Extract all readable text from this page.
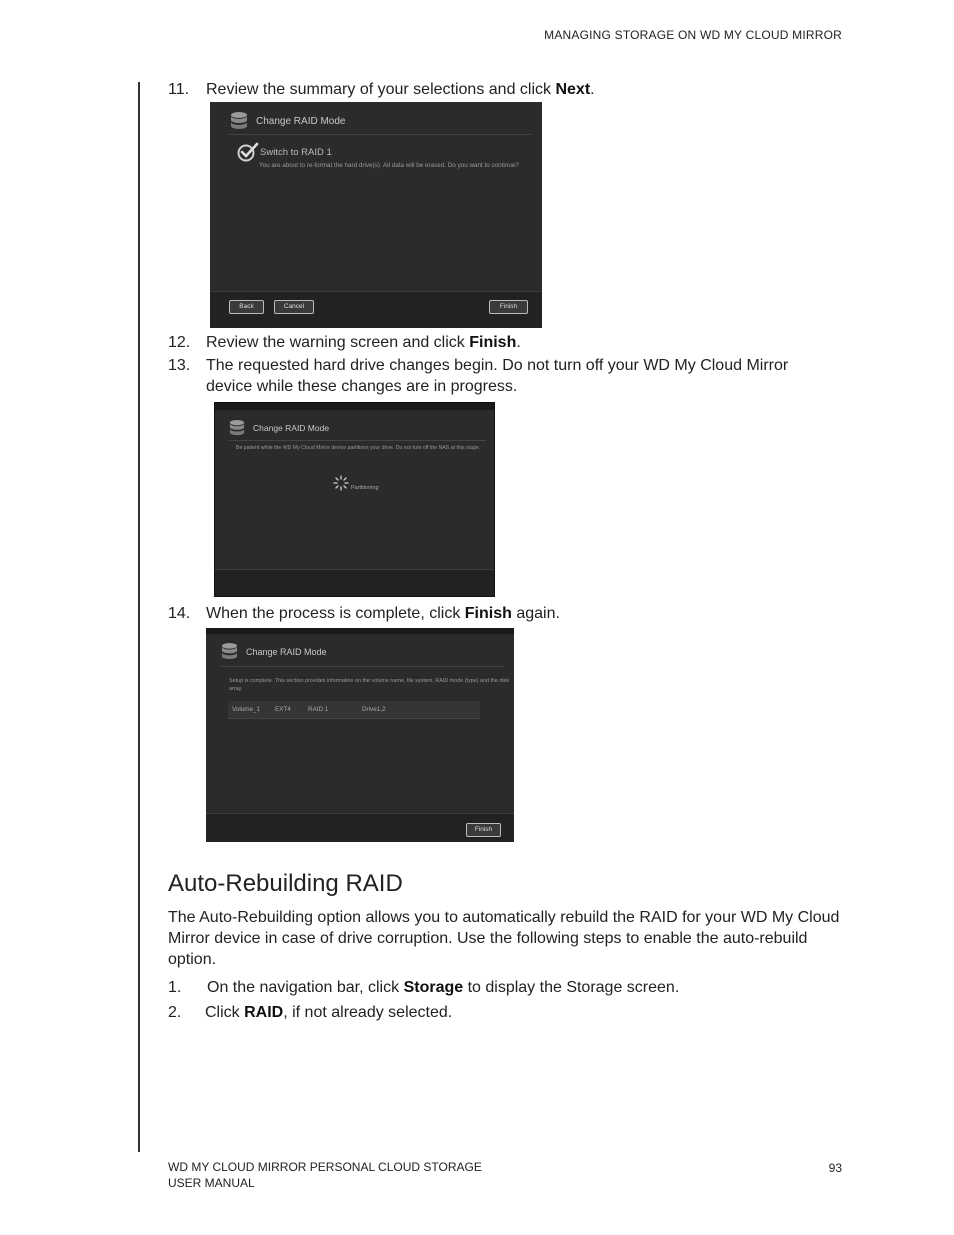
MANAGING STORAGE ON WD MY CLOUD MIRROR
11. Review the summary of your selections and click Next.
Change RAID Mode
Switch to RAID 1
You are about to re-format the hard drive(s). All data will be erased. Do you want to continue?
Back	Cancel	Finish
12. Review the warning screen and click Finish.
13. The requested hard drive changes begin. Do not turn off your WD My Cloud Mirror device while these changes are in progress.
Change RAID Mode
Be patient while the WD My Cloud Mirror device partitions your drive. Do not turn off the NAS at this stage.
Partitioning
14. When the process is complete, click Finish again.
Change RAID Mode
Setup is complete. This section provides information on the volume name, file system, RAID mode (type) and the disk array.
Volume_1 EXT4	RAID 1	Drive1,2
Finish
Auto-Rebuilding RAID
The Auto-Rebuilding option allows you to automatically rebuild the RAID for your WD My Cloud Mirror device in case of drive corruption. Use the following steps to enable the auto-rebuild option.
1. On the navigation bar, click Storage to display the Storage screen.
2. Click RAID, if not already selected.
WD MY CLOUD MIRROR PERSONAL CLOUD STORAGE
USER MANUAL
93
